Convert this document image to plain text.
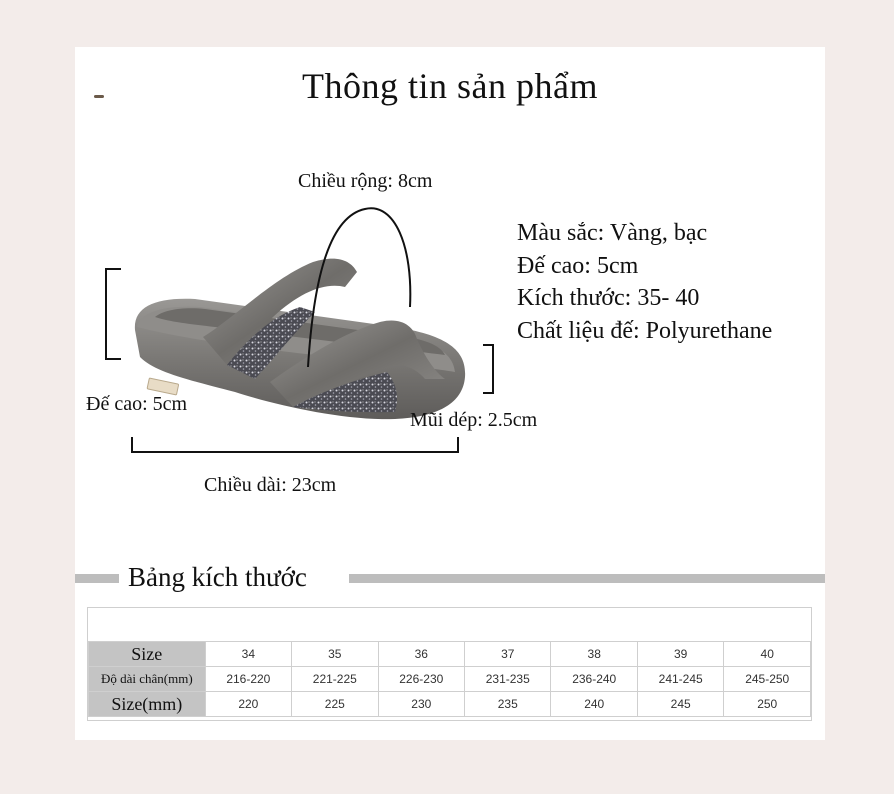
Thông tin sản phẩm
Chiều rộng: 8cm
Đế cao: 5cm
Mũi dép: 2.5cm
Chiều dài: 23cm
Màu sắc: Vàng, bạc
Đế cao: 5cm
Kích thước: 35- 40
Chất liệu đế: Polyurethane
Bảng kích thước
Size	34	35	36	37	38	39	40
Độ dài chân(mm)	216-220	221-225	226-230	231-235	236-240	241-245	245-250
Size(mm)	220	225	230	235	240	245	250
